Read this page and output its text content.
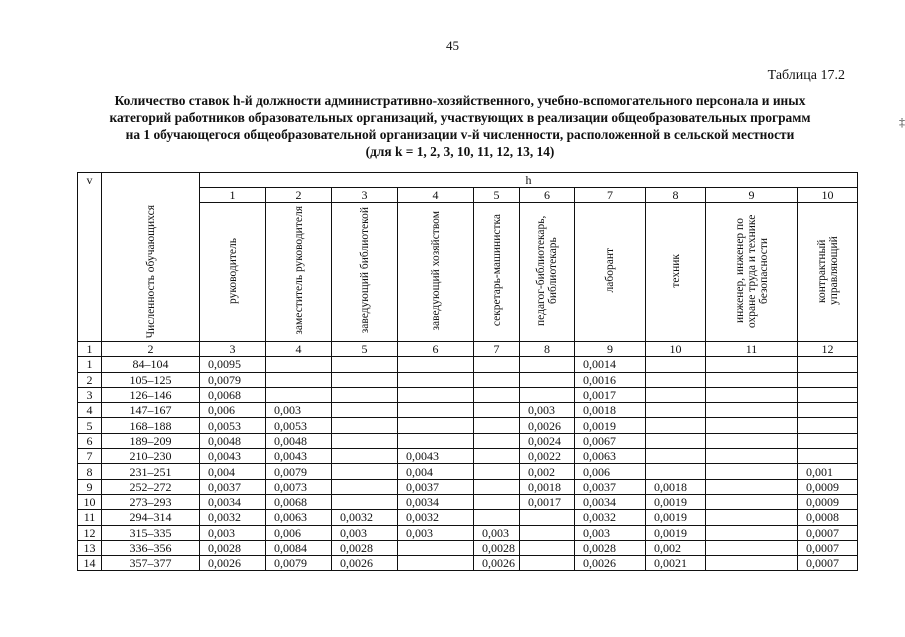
45
Таблица 17.2
Количество ставок h-й должности административно-хозяйственного, учебно-вспомогательного персонала и иных
категорий работников образовательных организаций, участвующих в реализации общеобразовательных программ
на 1 обучающегося общеобразовательной организации v-й численности, расположенной в сельской местности
(для k = 1, 2, 3, 10, 11, 12, 13, 14)
‡
v	Численность обучающихся	h									
		1	2	3	4	5	6	7	8	9	10
		руководитель	заместитель руководителя	заведующий библиотекой	заведующий хозяйством	секретарь-машинистка	педагог-библиотекарь, библиотекарь	лаборант	техник	инженер, инженер по охране труда и технике безопасности	контрактный управляющий
1	2	3	4	5	6	7	8	9	10	11	12
1	84–104	0,0095						0,0014			
2	105–125	0,0079						0,0016			
3	126–146	0,0068						0,0017			
4	147–167	0,006	0,003				0,003	0,0018			
5	168–188	0,0053	0,0053				0,0026	0,0019			
6	189–209	0,0048	0,0048				0,0024	0,0067			
7	210–230	0,0043	0,0043		0,0043		0,0022	0,0063			
8	231–251	0,004	0,0079		0,004		0,002	0,006			0,001
9	252–272	0,0037	0,0073		0,0037		0,0018	0,0037	0,0018		0,0009
10	273–293	0,0034	0,0068		0,0034		0,0017	0,0034	0,0019		0,0009
11	294–314	0,0032	0,0063	0,0032	0,0032			0,0032	0,0019		0,0008
12	315–335	0,003	0,006	0,003	0,003	0,003		0,003	0,0019		0,0007
13	336–356	0,0028	0,0084	0,0028		0,0028		0,0028	0,002		0,0007
14	357–377	0,0026	0,0079	0,0026		0,0026		0,0026	0,0021		0,0007
